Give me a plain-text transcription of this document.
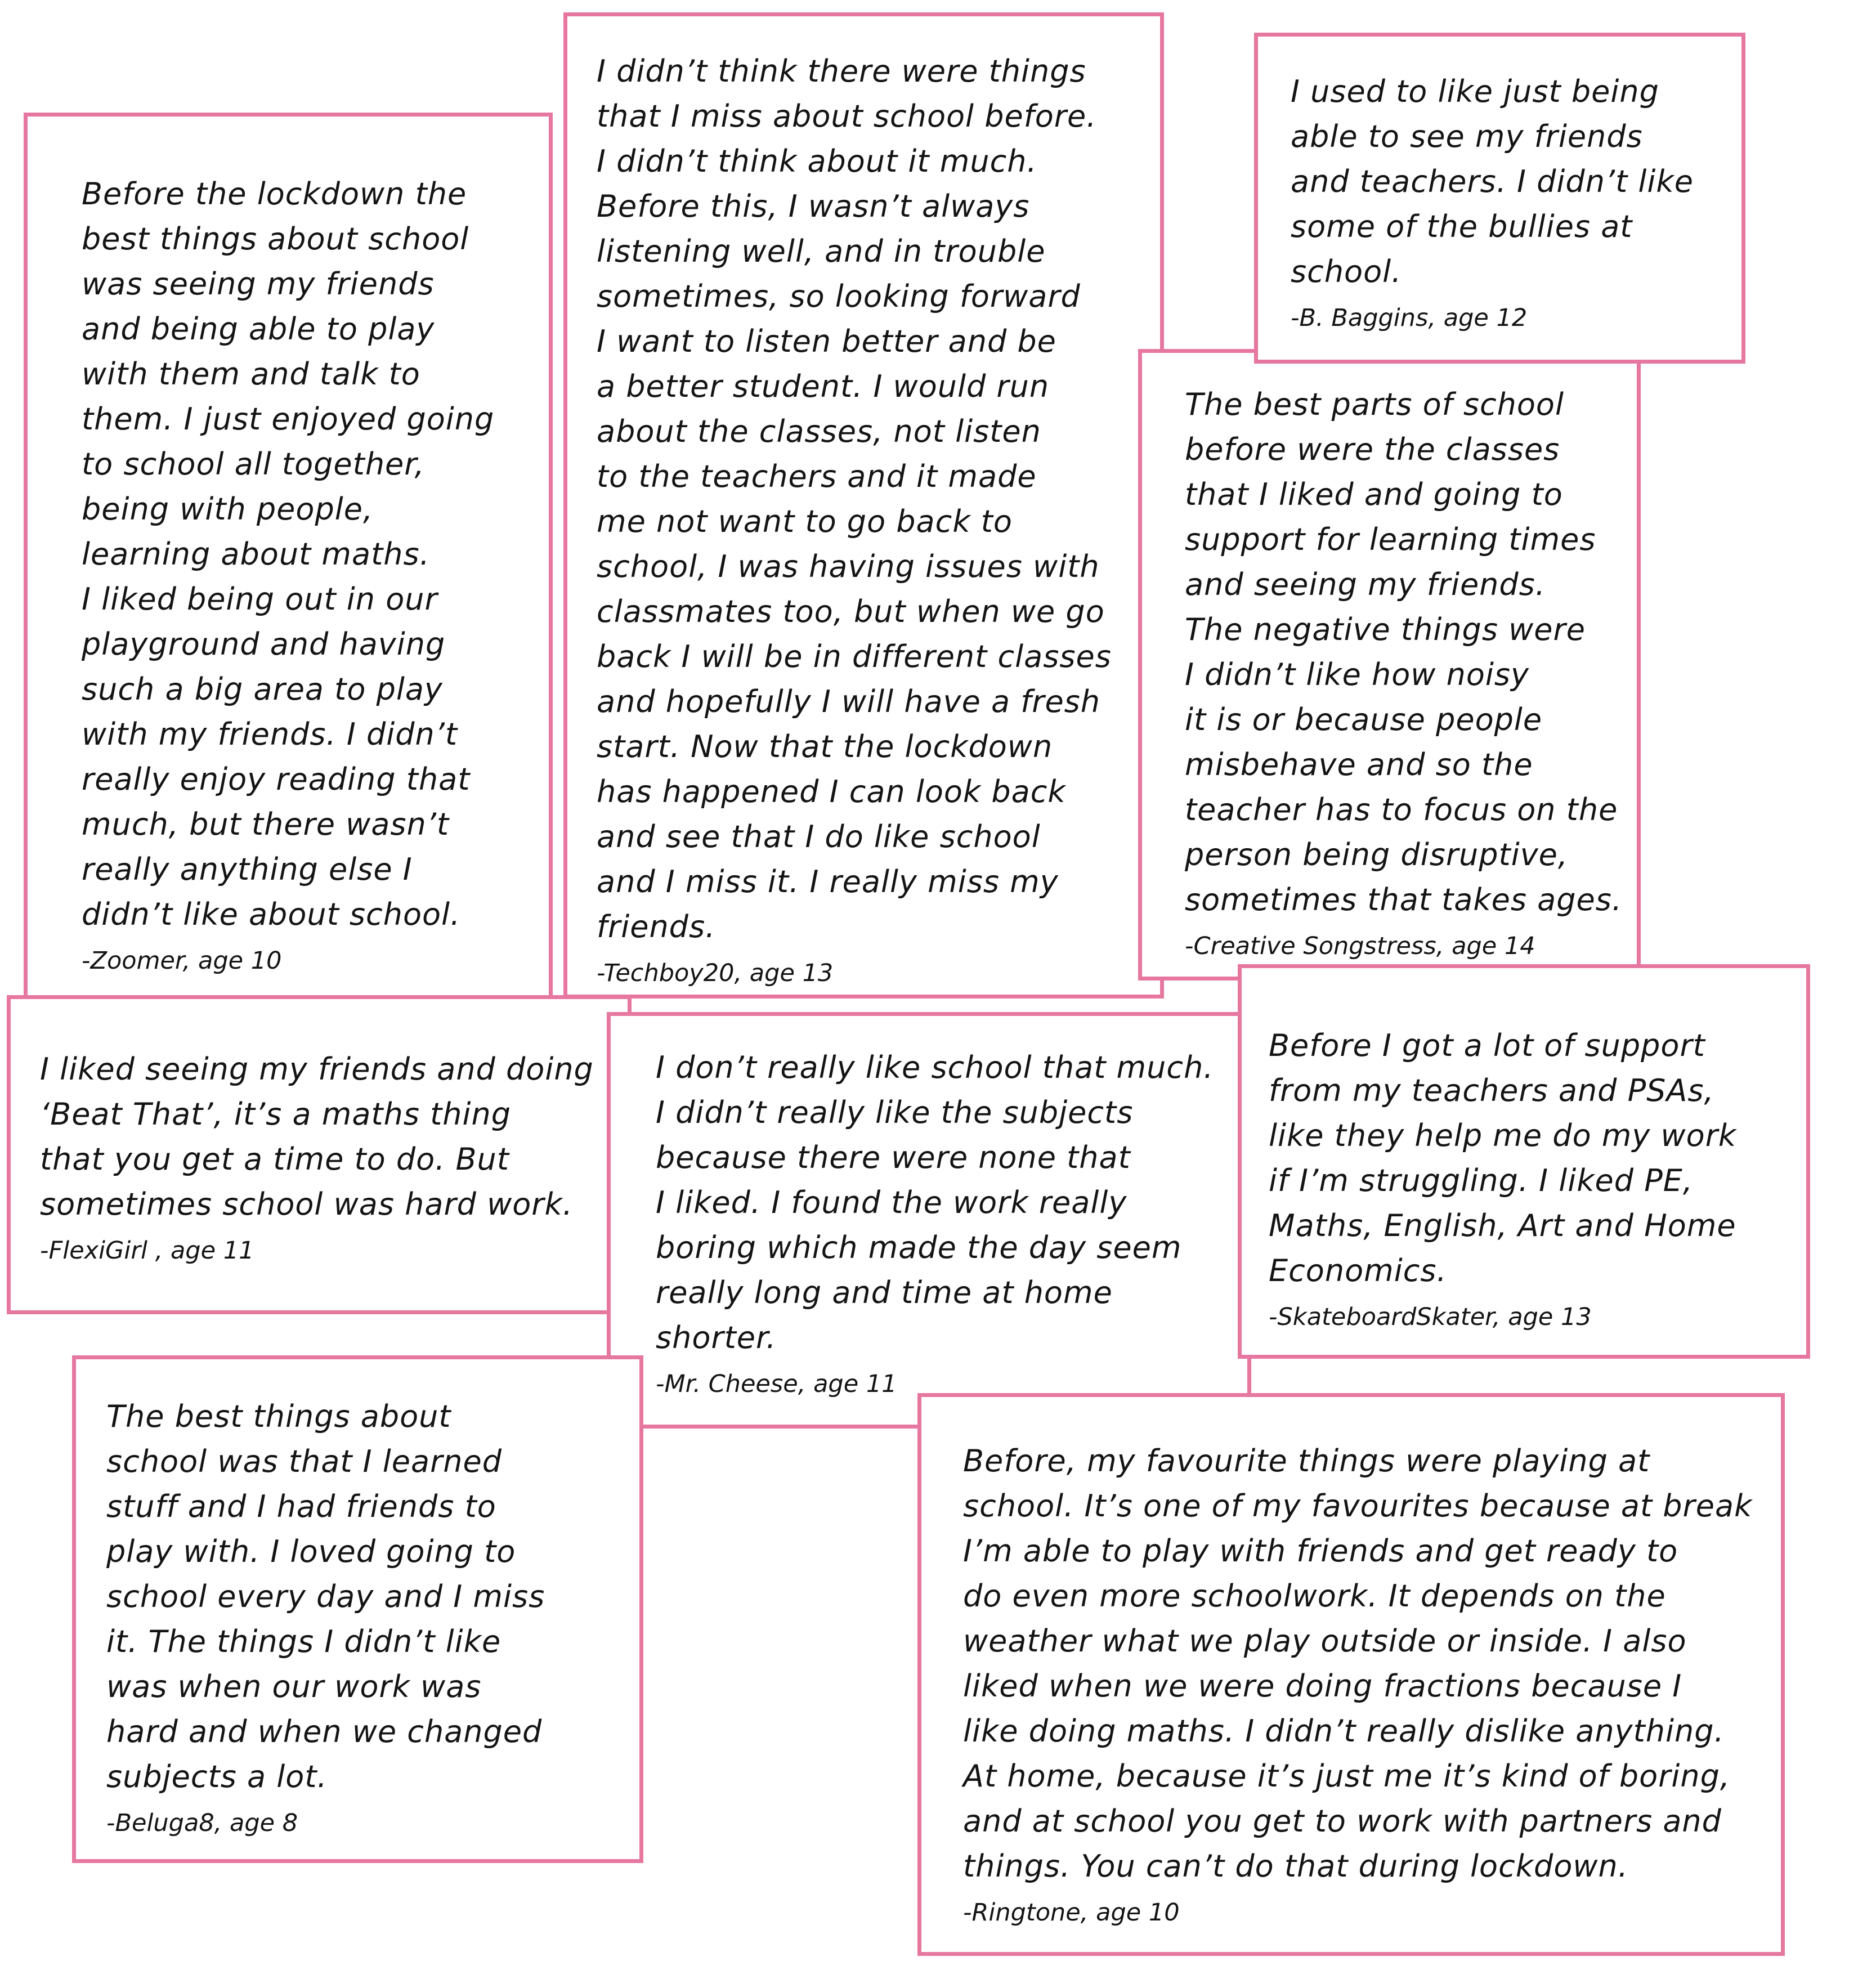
Before the lockdown the
best things about school
was seeing my friends
and being able to play
with them and talk to
them. I just enjoyed going
to school all together,
being with people,
learning about maths.
I liked being out in our
playground and having
such a big area to play
with my friends. I didn’t
really enjoy reading that
much, but there wasn’t
really anything else I
didn’t like about school.

-Zoomer, age 10

I didn’t think there were things
that I miss about school before.
I didn’t think about it much.
Before this, I wasn’t always
listening well, and in trouble
sometimes, so looking forward
I want to listen better and be
a better student. I would run
about the classes, not listen
to the teachers and it made
me not want to go back to
school, I was having issues with
classmates too, but when we go
back I will be in different classes
and hopefully I will have a fresh
start. Now that the lockdown
has happened I can look back
and see that I do like school
and I miss it. I really miss my
friends.

-Techboy20, age 13

I liked seeing my friends and doing
‘Beat That’, it’s a maths thing
that you get a time to do. But
sometimes school was hard work.

-FlexiGirl , age 11

I don’t really like school that much.
I didn’t really like the subjects
because there were none that
I liked. I found the work really
boring which made the day seem
really long and time at home
shorter.

-Mr. Cheese, age 11

The best parts of school
before were the classes
that I liked and going to
support for learning times
and seeing my friends.
The negative things were
I didn’t like how noisy
it is or because people
misbehave and so the
teacher has to focus on the
person being disruptive,
sometimes that takes ages.

-Creative Songstress, age 14

I used to like just being
able to see my friends
and teachers. I didn’t like
some of the bullies at
school.

-B. Baggins, age 12

Before I got a lot of support
from my teachers and PSAs,
like they help me do my work
if I’m struggling. I liked PE,
Maths, English, Art and Home
Economics.

-SkateboardSkater, age 13

The best things about
school was that I learned
stuff and I had friends to
play with. I loved going to
school every day and I miss
it. The things I didn’t like
was when our work was
hard and when we changed
subjects a lot.

-Beluga8, age 8

Before, my favourite things were playing at
school. It’s one of my favourites because at break
I’m able to play with friends and get ready to
do even more schoolwork. It depends on the
weather what we play outside or inside. I also
liked when we were doing fractions because I
like doing maths. I didn’t really dislike anything.
At home, because it’s just me it’s kind of boring,
and at school you get to work with partners and
things. You can’t do that during lockdown.

-Ringtone, age 10
